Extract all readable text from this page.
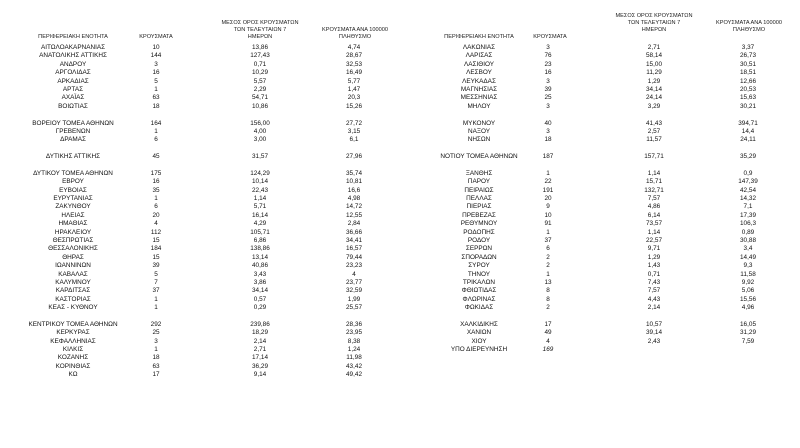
ΠΕΡΙΦΕΡΕΙΑΚΗ ΕΝΟΤΗΤΑ	ΚΡΟΥΣΜΑΤΑ
ΜΕΣΟΣ ΟΡΟΣ ΚΡΟΥΣΜΑΤΩΝ
ΤΩΝ ΤΕΛΕΥΤΑΙΩΝ 7
ΗΜΕΡΩΝ
ΚΡΟΥΣΜΑΤΑ ΑΝΑ 100000
ΠΛΗΘΥΣΜΟ
ΑΙΤΩΛΟΑΚΑΡΝΑΝΙΑΣ	10	13,86	4,74
ΑΝΑΤΟΛΙΚΗΣ ΑΤΤΙΚΗΣ	144	127,43	28,67
ΑΝΔΡΟΥ	3	0,71	32,53
ΑΡΓΟΛΙΔΑΣ	16	10,29	16,49
ΑΡΚΑΔΙΑΣ	5	5,57	5,77
ΑΡΤΑΣ	1	2,29	1,47
ΑΧΑΪΑΣ	63	54,71	20,3
ΒΟΙΩΤΙΑΣ	18	10,86	15,26
ΒΟΡΕΙΟΥ ΤΟΜΕΑ ΑΘΗΝΩΝ	164	156,00	27,72
ΓΡΕΒΕΝΩΝ	1	4,00	3,15
ΔΡΑΜΑΣ	6	3,00	6,1
ΔΥΤΙΚΗΣ ΑΤΤΙΚΗΣ	45	31,57	27,96
ΔΥΤΙΚΟΥ ΤΟΜΕΑ ΑΘΗΝΩΝ	175	124,29	35,74
ΕΒΡΟΥ	16	10,14	10,81
ΕΥΒΟΙΑΣ	35	22,43	16,6
ΕΥΡΥΤΑΝΙΑΣ	1	1,14	4,98
ΖΑΚΥΝΘΟΥ	6	5,71	14,72
ΗΛΕΙΑΣ	20	16,14	12,55
ΗΜΑΘΙΑΣ	4	4,29	2,84
ΗΡΑΚΛΕΙΟΥ	112	105,71	36,66
ΘΕΣΠΡΩΤΙΑΣ	15	6,86	34,41
ΘΕΣΣΑΛΟΝΙΚΗΣ	184	138,86	16,57
ΘΗΡΑΣ	15	13,14	79,44
ΙΩΑΝΝΙΝΩΝ	39	40,86	23,23
ΚΑΒΑΛΑΣ	5	3,43	4
ΚΑΛΥΜΝΟΥ	7	3,86	23,77
ΚΑΡΔΙΤΣΑΣ	37	34,14	32,59
ΚΑΣΤΟΡΙΑΣ	1	0,57	1,99
ΚΕΑΣ - ΚΥΘΝΟΥ	1	0,29	25,57
ΚΕΝΤΡΙΚΟΥ ΤΟΜΕΑ ΑΘΗΝΩΝ	292	239,86	28,36
ΚΕΡΚΥΡΑΣ	25	18,29	23,95
ΚΕΦΑΛΛΗΝΙΑΣ	3	2,14	8,38
ΚΙΛΚΙΣ	1	2,71	1,24
ΚΟΖΑΝΗΣ	18	17,14	11,98
ΚΟΡΙΝΘΙΑΣ	63	36,29	43,42
ΚΩ	17	9,14	49,42
ΠΕΡΙΦΕΡΕΙΑΚΗ ΕΝΟΤΗΤΑ	ΚΡΟΥΣΜΑΤΑ
ΜΕΣΟΣ ΟΡΟΣ ΚΡΟΥΣΜΑΤΩΝ
ΤΩΝ ΤΕΛΕΥΤΑΙΩΝ 7
ΗΜΕΡΩΝ
ΚΡΟΥΣΜΑΤΑ ΑΝΑ 100000
ΠΛΗΘΥΣΜΟ
ΛΑΚΩΝΙΑΣ	3	2,71	3,37
ΛΑΡΙΣΑΣ	76	58,14	26,73
ΛΑΣΙΘΙΟΥ	23	15,00	30,51
ΛΕΣΒΟΥ	16	11,29	18,51
ΛΕΥΚΑΔΑΣ	3	1,29	12,66
ΜΑΓΝΗΣΙΑΣ	39	34,14	20,53
ΜΕΣΣΗΝΙΑΣ	25	24,14	15,63
ΜΗΛΟΥ	3	3,29	30,21
ΜΥΚΟΝΟΥ	40	41,43	394,71
ΝΑΞΟΥ	3	2,57	14,4
ΝΗΣΩΝ	18	11,57	24,11
ΝΟΤΙΟΥ ΤΟΜΕΑ ΑΘΗΝΩΝ	187	157,71	35,29
ΞΑΝΘΗΣ	1	1,14	0,9
ΠΑΡΟΥ	22	15,71	147,39
ΠΕΙΡΑΙΩΣ	191	132,71	42,54
ΠΕΛΛΑΣ	20	7,57	14,32
ΠΙΕΡΙΑΣ	9	4,86	7,1
ΠΡΕΒΕΖΑΣ	10	6,14	17,39
ΡΕΘΥΜΝΟΥ	91	73,57	106,3
ΡΟΔΟΠΗΣ	1	1,14	0,89
ΡΟΔΟΥ	37	22,57	30,88
ΣΕΡΡΩΝ	6	9,71	3,4
ΣΠΟΡΑΔΩΝ	2	1,29	14,49
ΣΥΡΟΥ	2	1,43	9,3
ΤΗΝΟΥ	1	0,71	11,58
ΤΡΙΚΑΛΩΝ	13	7,43	9,92
ΦΘΙΩΤΙΔΑΣ	8	7,57	5,06
ΦΛΩΡΙΝΑΣ	8	4,43	15,56
ΦΩΚΙΔΑΣ	2	2,14	4,96
ΧΑΛΚΙΔΙΚΗΣ	17	10,57	16,05
ΧΑΝΙΩΝ	49	39,14	31,29
ΧΙΟΥ	4	2,43	7,59
ΥΠΟ ΔΙΕΡΕΥΝΗΣΗ	169
